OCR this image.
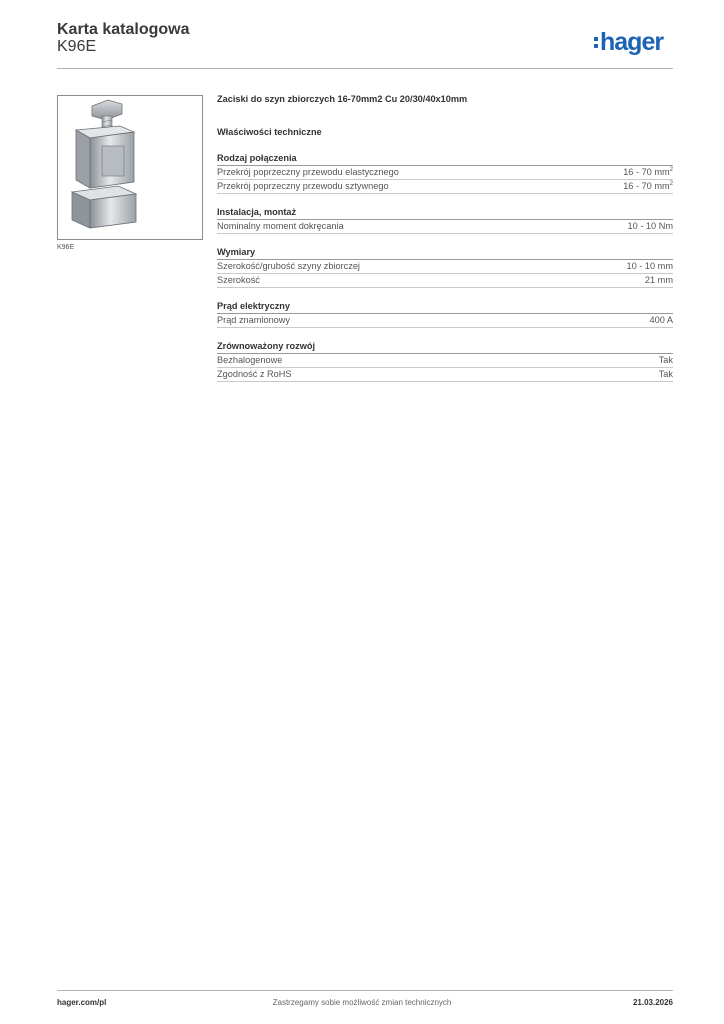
Karta katalogowa
K96E	hager
K96E
Zaciski do szyn zbiorczych 16-70mm2 Cu 20/30/40x10mm
Właściwości techniczne
Rodzaj połączenia
Przekrój poprzeczny przewodu elastycznego	16 - 70 $mm^2$
Przekrój poprzeczny przewodu sztywnego	16 - 70 $mm^2$
Instalacja, montaż
Nominalny moment dokręcania	10 - 10 Nm
Wymiary
Szerokość/grubość szyny zbiorczej	10 - 10 mm
Szerokość	21 mm
Prąd elektryczny
Prąd znamionowy	400 A
Zrównoważony rozwój
Bezhalogenowe	Tak
Zgodność z RoHS	Tak
hager.com/pl	Zastrzegamy sobie możliwość zmian technicznych	21.03.2026
